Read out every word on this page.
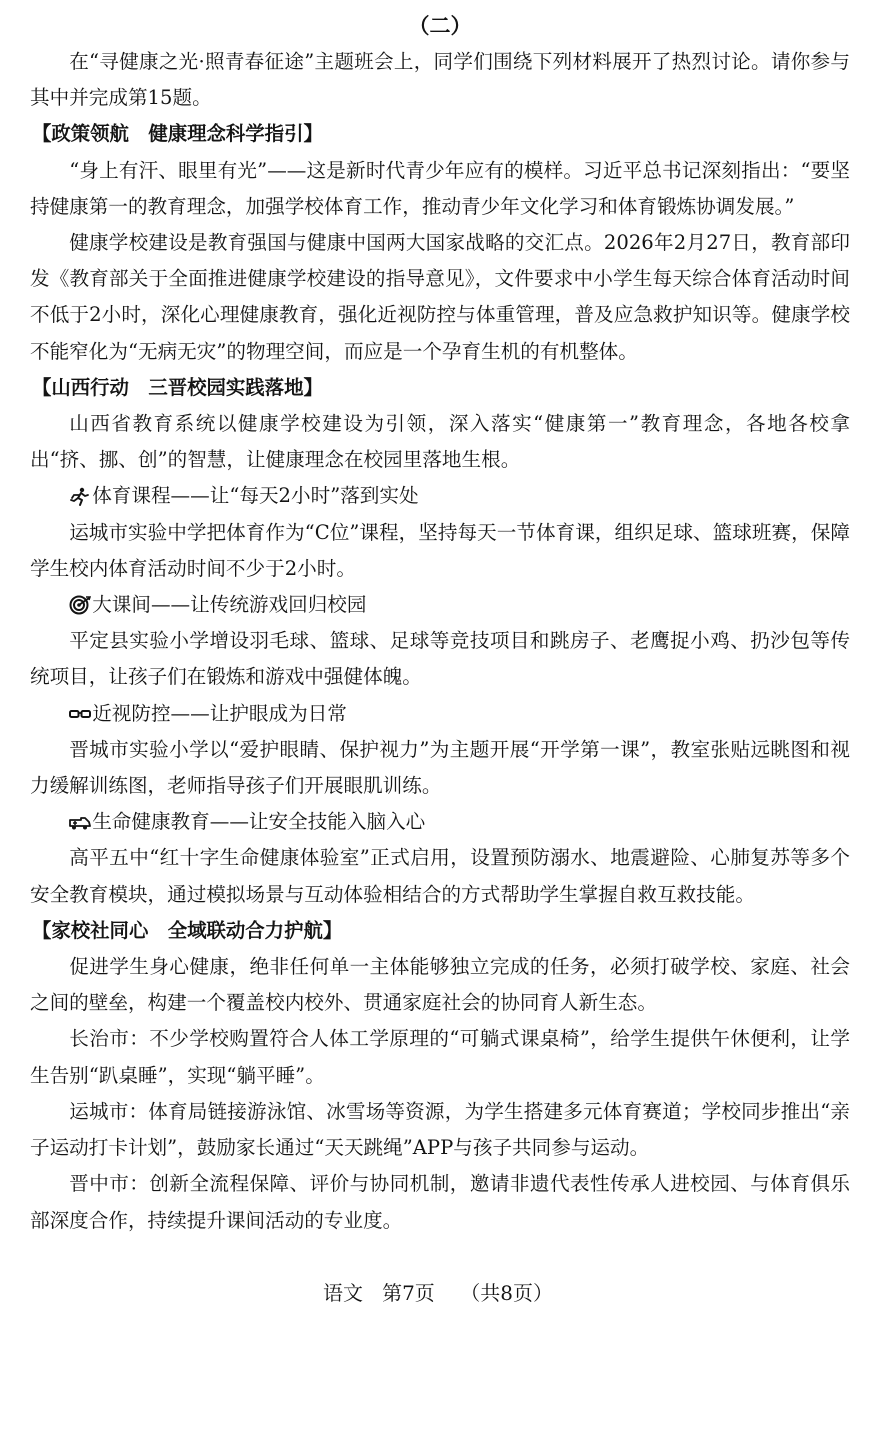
（二）

在“寻健康之光·照青春征途”主题班会上，同学们围绕下列材料展开了热烈讨论。请你参与其中并完成第15题。

【政策领航　健康理念科学指引】

“身上有汗、眼里有光”——这是新时代青少年应有的模样。习近平总书记深刻指出：“要坚持健康第一的教育理念，加强学校体育工作，推动青少年文化学习和体育锻炼协调发展。”

健康学校建设是教育强国与健康中国两大国家战略的交汇点。2026年2月27日，教育部印发《教育部关于全面推进健康学校建设的指导意见》，文件要求中小学生每天综合体育活动时间不低于2小时，深化心理健康教育，强化近视防控与体重管理，普及应急救护知识等。健康学校不能窄化为“无病无灾”的物理空间，而应是一个孕育生机的有机整体。

【山西行动　三晋校园实践落地】

山西省教育系统以健康学校建设为引领，深入落实“健康第一”教育理念，各地各校拿出“挤、挪、创”的智慧，让健康理念在校园里落地生根。

体育课程——让“每天2小时”落到实处

运城市实验中学把体育作为“C位”课程，坚持每天一节体育课，组织足球、篮球班赛，保障学生校内体育活动时间不少于2小时。

大课间——让传统游戏回归校园

平定县实验小学增设羽毛球、篮球、足球等竞技项目和跳房子、老鹰捉小鸡、扔沙包等传统项目，让孩子们在锻炼和游戏中强健体魄。

近视防控——让护眼成为日常

晋城市实验小学以“爱护眼睛、保护视力”为主题开展“开学第一课”，教室张贴远眺图和视力缓解训练图，老师指导孩子们开展眼肌训练。

生命健康教育——让安全技能入脑入心

高平五中“红十字生命健康体验室”正式启用，设置预防溺水、地震避险、心肺复苏等多个安全教育模块，通过模拟场景与互动体验相结合的方式帮助学生掌握自救互救技能。

【家校社同心　全域联动合力护航】

促进学生身心健康，绝非任何单一主体能够独立完成的任务，必须打破学校、家庭、社会之间的壁垒，构建一个覆盖校内校外、贯通家庭社会的协同育人新生态。

长治市：不少学校购置符合人体工学原理的“可躺式课桌椅”，给学生提供午休便利，让学生告别“趴桌睡”，实现“躺平睡”。

运城市：体育局链接游泳馆、冰雪场等资源，为学生搭建多元体育赛道；学校同步推出“亲子运动打卡计划”，鼓励家长通过“天天跳绳”APP与孩子共同参与运动。

晋中市：创新全流程保障、评价与协同机制，邀请非遗代表性传承人进校园、与体育俱乐部深度合作，持续提升课间活动的专业度。

语文 第7页 （共8页）
